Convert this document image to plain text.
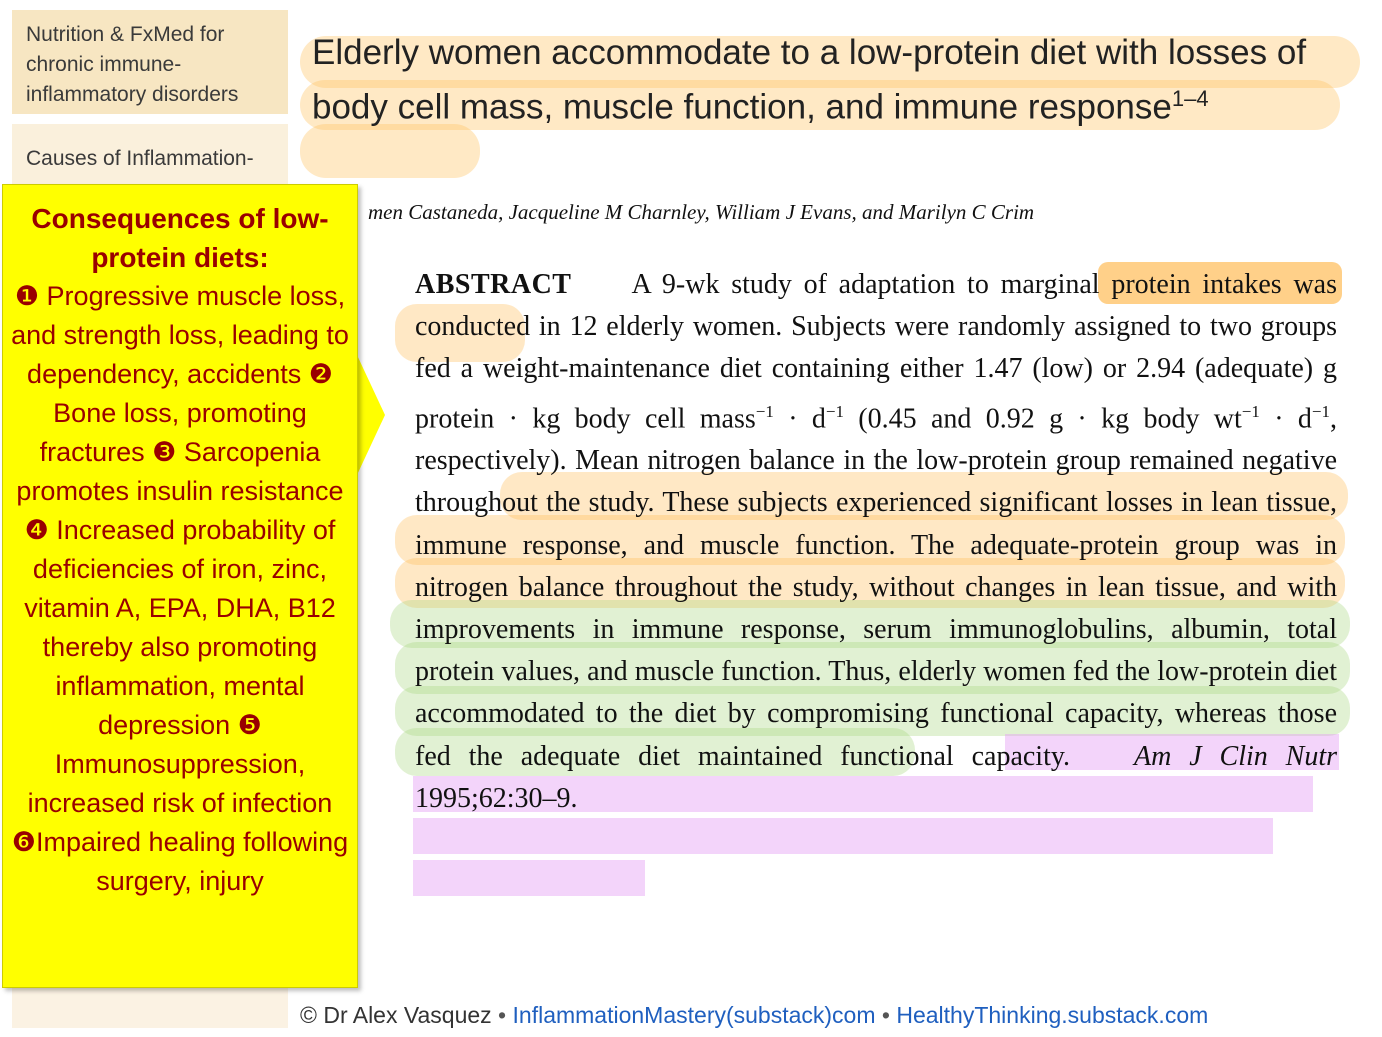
Nutrition & FxMed for chronic immune-inflammatory disorders
Causes of Inflammation-
Elderly women accommodate to a low-protein diet with losses of body cell mass, muscle function, and immune response$^{1-4}$
men Castaneda, Jacqueline M Charnley, William J Evans, and Marilyn C Crim
ABSTRACT A 9-wk study of adaptation to marginal protein intakes was conducted in 12 elderly women. Subjects were randomly assigned to two groups fed a weight-maintenance diet containing either 1.47 (low) or 2.94 (adequate) g protein · kg body cell mass$^{-1}$ · $d^{-1}$ (0.45 and 0.92 g · kg body $wt^{-1} \cdot d^{-1}$, respectively). Mean nitrogen balance in the low-protein group remained negative throughout the study. These subjects experienced significant losses in lean tissue, immune response, and muscle function. The adequate-protein group was in nitrogen balance throughout the study, without changes in lean tissue, and with improvements in immune response, serum immunoglobulins, albumin, total protein values, and muscle function. Thus, elderly women fed the low-protein diet accommodated to the diet by compromising functional capacity, whereas those fed the adequate diet maintained functional capacity. Am J Clin Nutr 1995;62:30–9.
Consequences of low-protein diets:
❶ Progressive muscle loss, and strength loss, leading to dependency, accidents ❷ Bone loss, promoting fractures ❸ Sarcopenia promotes insulin resistance ❹ Increased probability of deficiencies of iron, zinc, vitamin A, EPA, DHA, B12 thereby also promoting inflammation, mental depression ❺ Immunosuppression, increased risk of infection ❻Impaired healing following surgery, injury
© Dr Alex Vasquez • InflammationMastery(substack)com • HealthyThinking.substack.com
